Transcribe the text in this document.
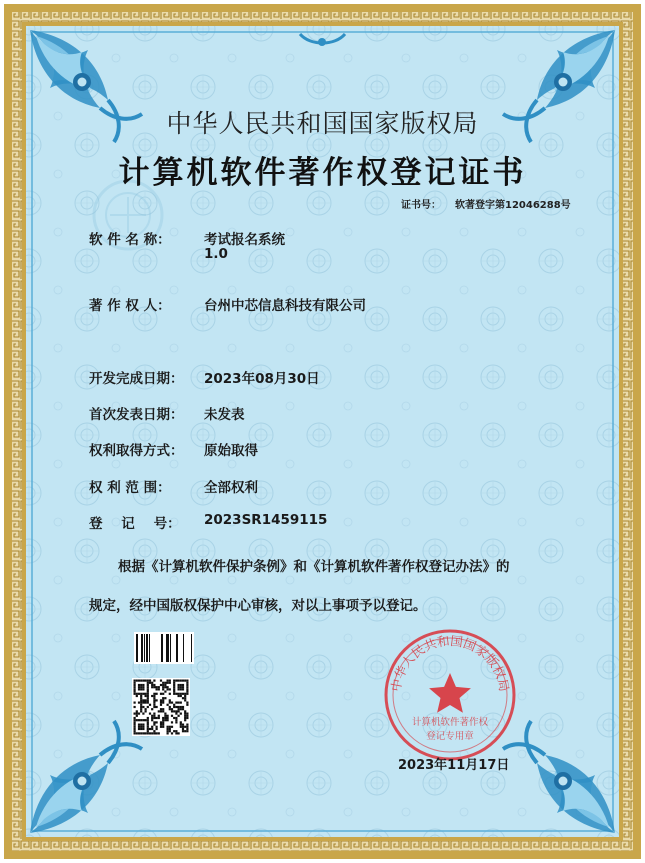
中华人民共和国国家版权局
计算机软件著作权
登记专用章
中华人民共和国国家版权局
计算机软件著作权登记证书
证书号： 软著登字第12046288号
软 件 名 称： 考试报名系统
1.0
著 作 权 人： 台州中芯信息科技有限公司
开发完成日期： 2023年08月30日
首次发表日期： 未发表
权利取得方式： 原始取得
权 利 范 围： 全部权利
登    记    号： 2023SR1459115
根据《计算机软件保护条例》和《计算机软件著作权登记办法》的
规定，经中国版权保护中心审核，对以上事项予以登记。
2023年11月17日
